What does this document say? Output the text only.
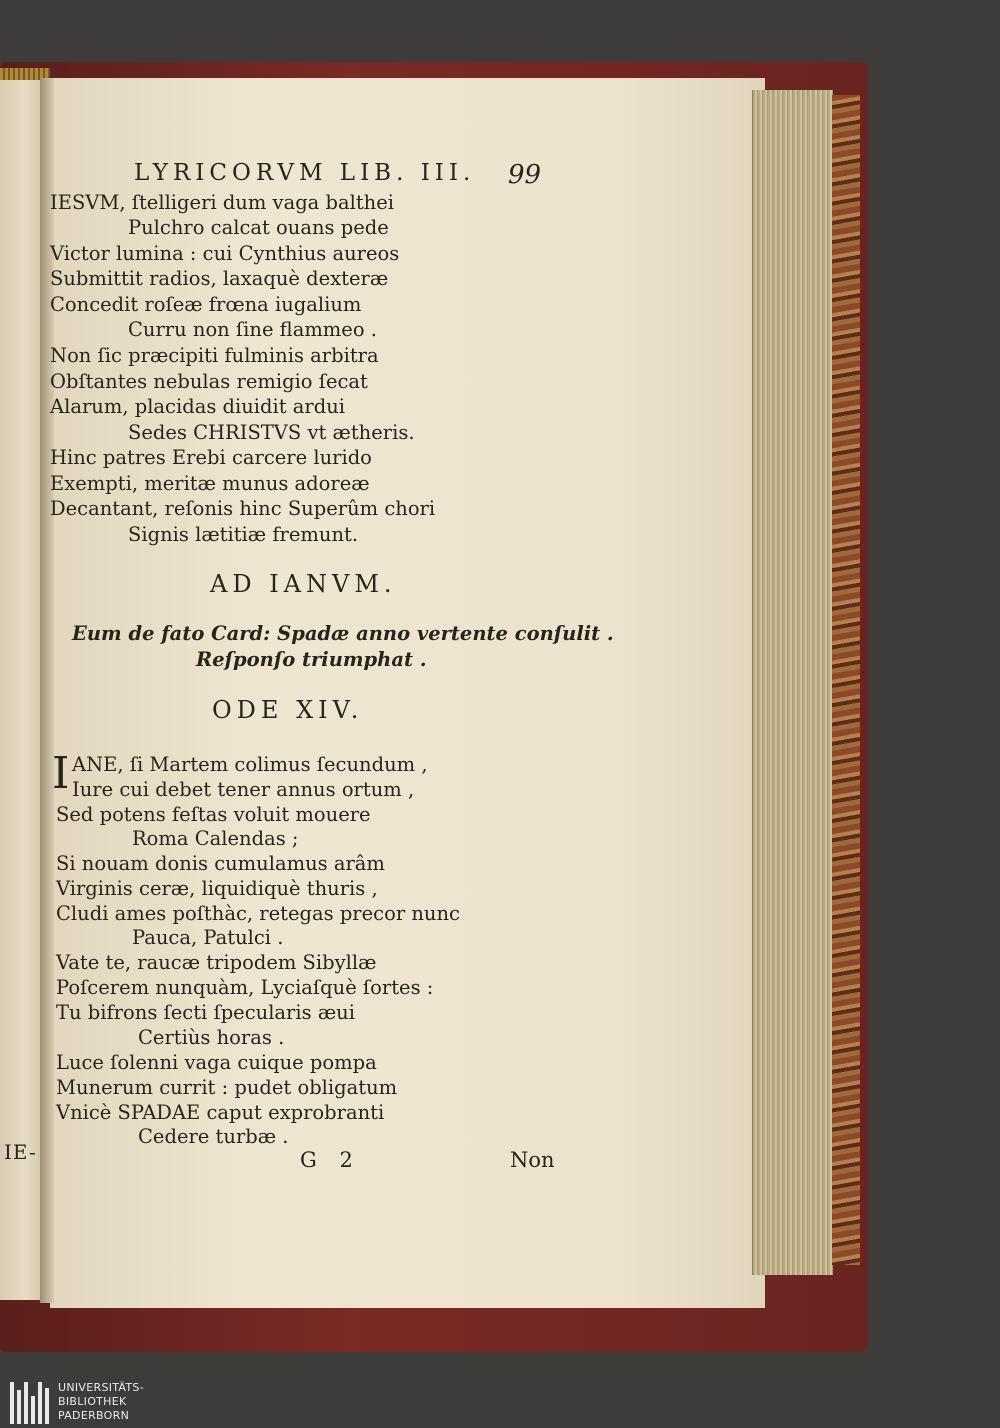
IE-
LYRICORVM LIB. III. 99
IESVM, ſtelligeri dum vaga balthei
Pulchro calcat ouans pede
Victor lumina : cui Cynthius aureos
Submittit radios, laxaquè dexteræ
Concedit roſeæ frœna iugalium
Curru non ſine flammeo .
Non ſic præcipiti fulminis arbitra
Obſtantes nebulas remigio ſecat
Alarum, placidas diuidit ardui
Sedes CHRISTVS vt ætheris.
Hinc patres Erebi carcere lurido
Exempti, meritæ munus adoreæ
Decantant, reſonis hinc Superûm chori
Signis lætitiæ fremunt.
AD IANVM.
Eum de fato Card: Spadæ anno vertente conſulit .
Reſponſo triumphat .
ODE XIV.
I ANE, ſi Martem colimus ſecundum ,
Iure cui debet tener annus ortum ,
Sed potens feſtas voluit mouere
Roma Calendas ;
Si nouam donis cumulamus arâm
Virginis ceræ, liquidiquè thuris ,
Cludi ames poſthàc, retegas precor nunc
Pauca, Patulci .
Vate te, raucæ tripodem Sibyllæ
Poſcerem nunquàm, Lyciaſquè ſortes :
Tu bifrons ſecti ſpecularis æui
Certiùs horas .
Luce ſolenni vaga cuique pompa
Munerum currit : pudet obligatum
Vnicè SPADAE caput exprobranti
Cedere turbæ .
G 2	Non
UNIVERSITÄTS-
BIBLIOTHEK
PADERBORN
